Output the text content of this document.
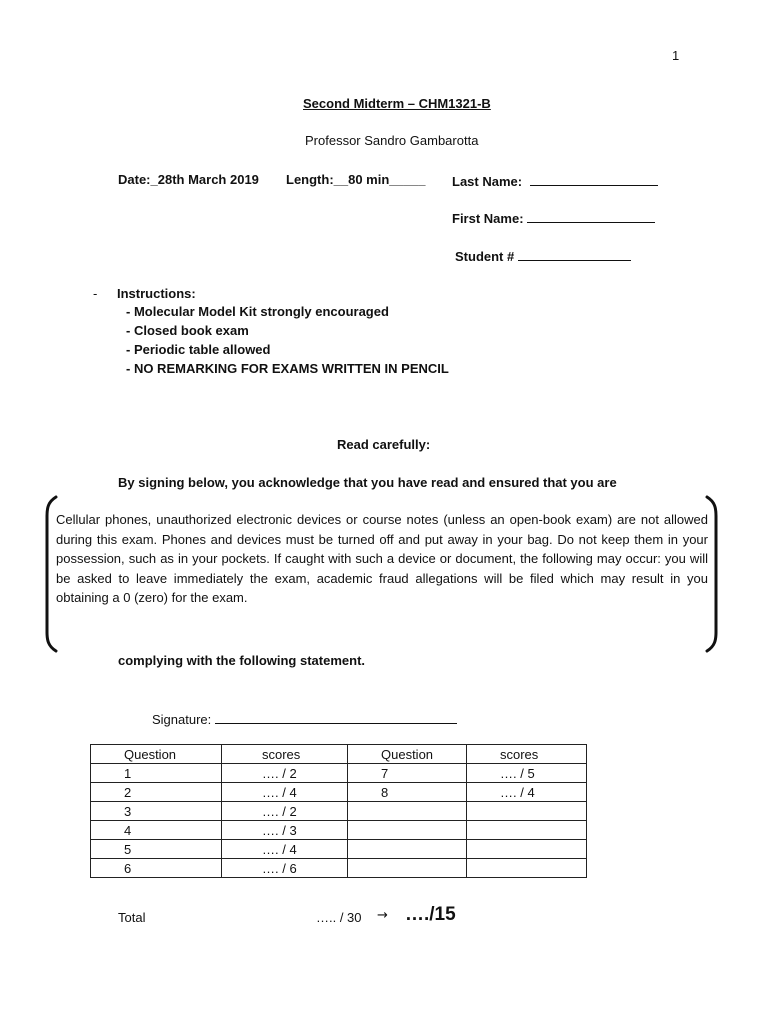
1
Second Midterm – CHM1321-B
Professor Sandro Gambarotta
Date:_28th March 2019 Length:__80 min_____ Last Name:
First Name:
Student #
- Instructions:
- Molecular Model Kit strongly encouraged
- Closed book exam
- Periodic table allowed
- NO REMARKING FOR EXAMS WRITTEN IN PENCIL
Read carefully:
By signing below, you acknowledge that you have read and ensured that you are
Cellular phones, unauthorized electronic devices or course notes (unless an open-book exam) are not allowed during this exam. Phones and devices must be turned off and put away in your bag. Do not keep them in your possession, such as in your pockets. If caught with such a device or document, the following may occur: you will be asked to leave immediately the exam, academic fraud allegations will be filed which may result in you obtaining a 0 (zero) for the exam.
complying with the following statement.
Signature:
Question	scores	Question	scores
1	…. / 2	7	…. / 5
2	…. / 4	8	…. / 4
3	…. / 2		
4	…. / 3		
5	…. / 4		
6	…. / 6		
Total	….. / 30 → …./15
